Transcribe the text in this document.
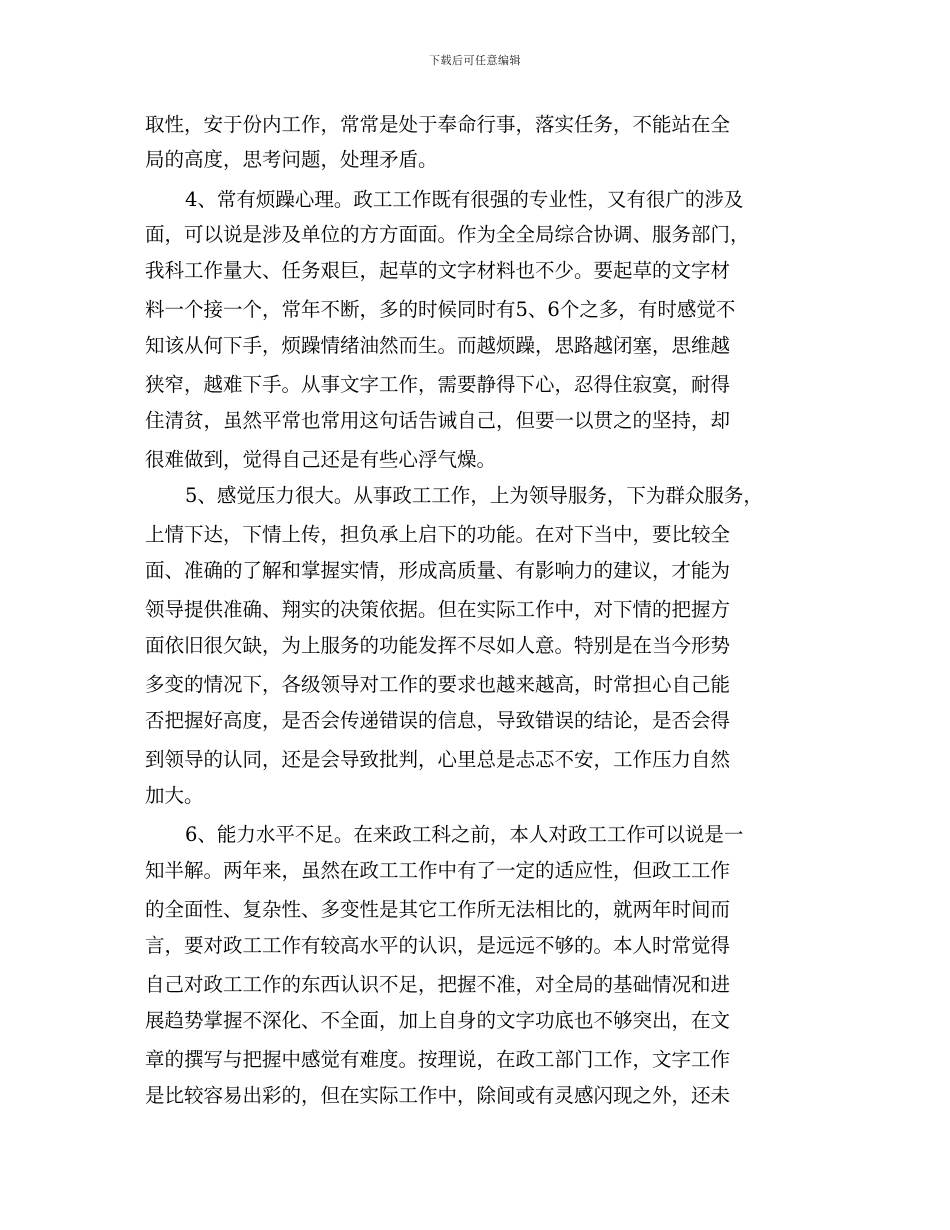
下载后可任意编辑
取性，安于份内工作，常常是处于奉命行事，落实任务，不能站在全
局的高度，思考问题，处理矛盾。
4、常有烦躁心理。政工工作既有很强的专业性，又有很广的涉及
面，可以说是涉及单位的方方面面。作为全全局综合协调、服务部门，
我科工作量大、任务艰巨，起草的文字材料也不少。要起草的文字材
料一个接一个，常年不断，多的时候同时有5、6个之多，有时感觉不
知该从何下手，烦躁情绪油然而生。而越烦躁，思路越闭塞，思维越
狭窄，越难下手。从事文字工作，需要静得下心，忍得住寂寞，耐得
住清贫，虽然平常也常用这句话告诫自己，但要一以贯之的坚持，却
很难做到，觉得自己还是有些心浮气燥。
5、感觉压力很大。从事政工工作，上为领导服务，下为群众服务，
上情下达，下情上传，担负承上启下的功能。在对下当中，要比较全
面、准确的了解和掌握实情，形成高质量、有影响力的建议，才能为
领导提供准确、翔实的决策依据。但在实际工作中，对下情的把握方
面依旧很欠缺，为上服务的功能发挥不尽如人意。特别是在当今形势
多变的情况下，各级领导对工作的要求也越来越高，时常担心自己能
否把握好高度，是否会传递错误的信息，导致错误的结论，是否会得
到领导的认同，还是会导致批判，心里总是忐忑不安，工作压力自然
加大。
6、能力水平不足。在来政工科之前，本人对政工工作可以说是一
知半解。两年来，虽然在政工工作中有了一定的适应性，但政工工作
的全面性、复杂性、多变性是其它工作所无法相比的，就两年时间而
言，要对政工工作有较高水平的认识，是远远不够的。本人时常觉得
自己对政工工作的东西认识不足，把握不准，对全局的基础情况和进
展趋势掌握不深化、不全面，加上自身的文字功底也不够突出，在文
章的撰写与把握中感觉有难度。按理说，在政工部门工作，文字工作
是比较容易出彩的，但在实际工作中，除间或有灵感闪现之外，还未
